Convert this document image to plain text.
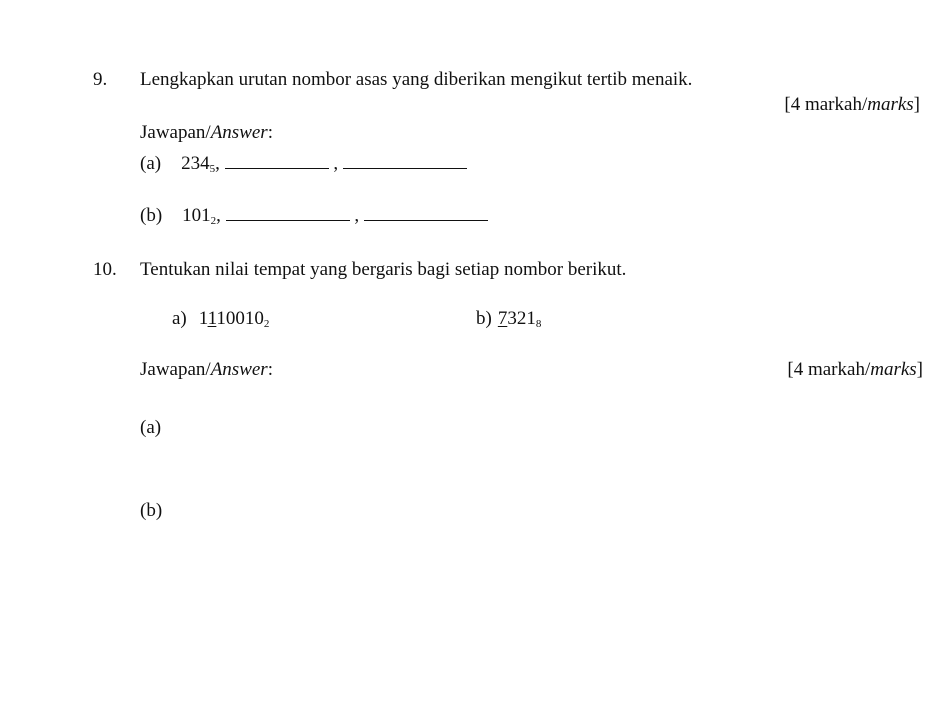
9. Lengkapkan urutan nombor asas yang diberikan mengikut tertib menaik.
[4 markah/marks]
Jawapan/Answer:
(a) $234_5$,	,
(b) $101_2$,	,
10. Tentukan nilai tempat yang bergaris bagi setiap nombor berikut.
a) $1110010_2$	b) $7321_8$
Jawapan/Answer:	[4 markah/marks]
(a)
(b)
